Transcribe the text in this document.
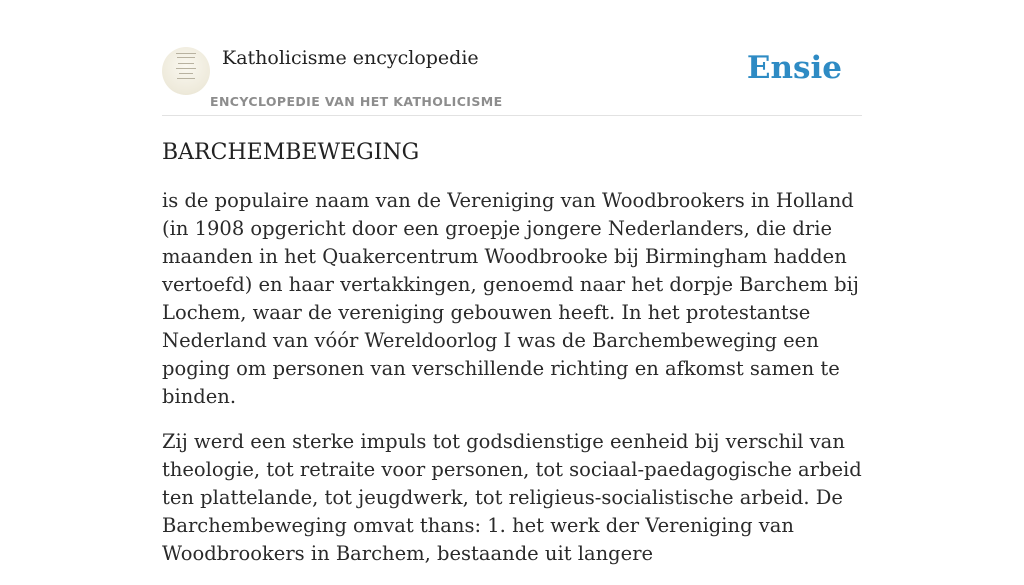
Katholicisme encyclopedie
ENCYCLOPEDIE VAN HET KATHOLICISME
Ensie
BARCHEMBEWEGING

is de populaire naam van de Vereniging van Woodbrookers in Holland (in 1908 opgericht door een groepje jongere Nederlanders, die drie maanden in het Quakercentrum Woodbrooke bij Birmingham hadden vertoefd) en haar vertakkingen, genoemd naar het dorpje Barchem bij Lochem, waar de vereniging gebouwen heeft. In het protestantse Nederland van vóór Wereldoorlog I was de Barchembeweging een poging om personen van verschillende richting en afkomst samen te binden.

Zij werd een sterke impuls tot godsdienstige eenheid bij verschil van theologie, tot retraite voor personen, tot sociaal-paedagogische arbeid ten plattelande, tot jeugdwerk, tot religieus-socialistische arbeid. De Barchembeweging omvat thans: 1. het werk der Vereniging van Woodbrookers in Barchem, bestaande uit langere
